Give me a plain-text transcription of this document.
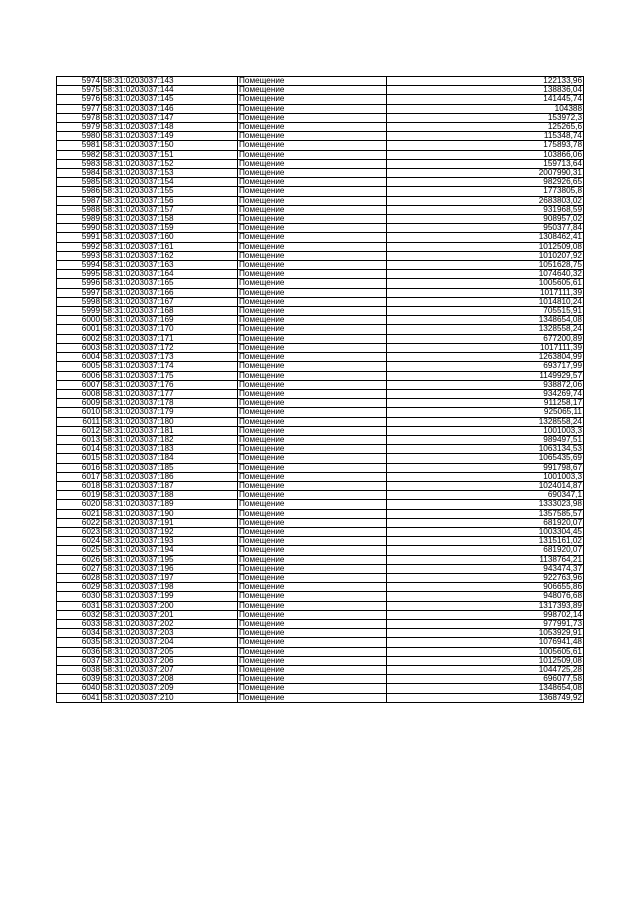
5974	58:31:0203037:143	Помещение	122133,96
5975	58:31:0203037:144	Помещение	138836,04
5976	58:31:0203037:145	Помещение	141445,74
5977	58:31:0203037:146	Помещение	104388
5978	58:31:0203037:147	Помещение	153972,3
5979	58:31:0203037:148	Помещение	125265,6
5980	58:31:0203037:149	Помещение	115348,74
5981	58:31:0203037:150	Помещение	175893,78
5982	58:31:0203037:151	Помещение	103866,06
5983	58:31:0203037:152	Помещение	159713,64
5984	58:31:0203037:153	Помещение	2007990,31
5985	58:31:0203037:154	Помещение	982926,65
5986	58:31:0203037:155	Помещение	1773805,8
5987	58:31:0203037:156	Помещение	2683803,02
5988	58:31:0203037:157	Помещение	931968,59
5989	58:31:0203037:158	Помещение	908957,02
5990	58:31:0203037:159	Помещение	950377,84
5991	58:31:0203037:160	Помещение	1308462,41
5992	58:31:0203037:161	Помещение	1012509,08
5993	58:31:0203037:162	Помещение	1010207,92
5994	58:31:0203037:163	Помещение	1051628,75
5995	58:31:0203037:164	Помещение	1074640,32
5996	58:31:0203037:165	Помещение	1005605,61
5997	58:31:0203037:166	Помещение	1017111,39
5998	58:31:0203037:167	Помещение	1014810,24
5999	58:31:0203037:168	Помещение	705515,91
6000	58:31:0203037:169	Помещение	1348654,08
6001	58:31:0203037:170	Помещение	1328558,24
6002	58:31:0203037:171	Помещение	677200,89
6003	58:31:0203037:172	Помещение	1017111,39
6004	58:31:0203037:173	Помещение	1263804,99
6005	58:31:0203037:174	Помещение	693717,99
6006	58:31:0203037:175	Помещение	1149929,57
6007	58:31:0203037:176	Помещение	938872,06
6008	58:31:0203037:177	Помещение	934269,74
6009	58:31:0203037:178	Помещение	911258,17
6010	58:31:0203037:179	Помещение	925065,11
6011	58:31:0203037:180	Помещение	1328558,24
6012	58:31:0203037:181	Помещение	1001003,3
6013	58:31:0203037:182	Помещение	989497,51
6014	58:31:0203037:183	Помещение	1063134,53
6015	58:31:0203037:184	Помещение	1065435,69
6016	58:31:0203037:185	Помещение	991798,67
6017	58:31:0203037:186	Помещение	1001003,3
6018	58:31:0203037:187	Помещение	1024014,87
6019	58:31:0203037:188	Помещение	690347,1
6020	58:31:0203037:189	Помещение	1333023,98
6021	58:31:0203037:190	Помещение	1357585,57
6022	58:31:0203037:191	Помещение	681920,07
6023	58:31:0203037:192	Помещение	1003304,45
6024	58:31:0203037:193	Помещение	1315161,02
6025	58:31:0203037:194	Помещение	681920,07
6026	58:31:0203037:195	Помещение	1138764,21
6027	58:31:0203037:196	Помещение	943474,37
6028	58:31:0203037:197	Помещение	922763,96
6029	58:31:0203037:198	Помещение	906655,86
6030	58:31:0203037:199	Помещение	948076,68
6031	58:31:0203037:200	Помещение	1317393,89
6032	58:31:0203037:201	Помещение	998702,14
6033	58:31:0203037:202	Помещение	977991,73
6034	58:31:0203037:203	Помещение	1053929,91
6035	58:31:0203037:204	Помещение	1076941,48
6036	58:31:0203037:205	Помещение	1005605,61
6037	58:31:0203037:206	Помещение	1012509,08
6038	58:31:0203037:207	Помещение	1044725,28
6039	58:31:0203037:208	Помещение	696077,58
6040	58:31:0203037:209	Помещение	1348654,08
6041	58:31:0203037:210	Помещение	1368749,92
